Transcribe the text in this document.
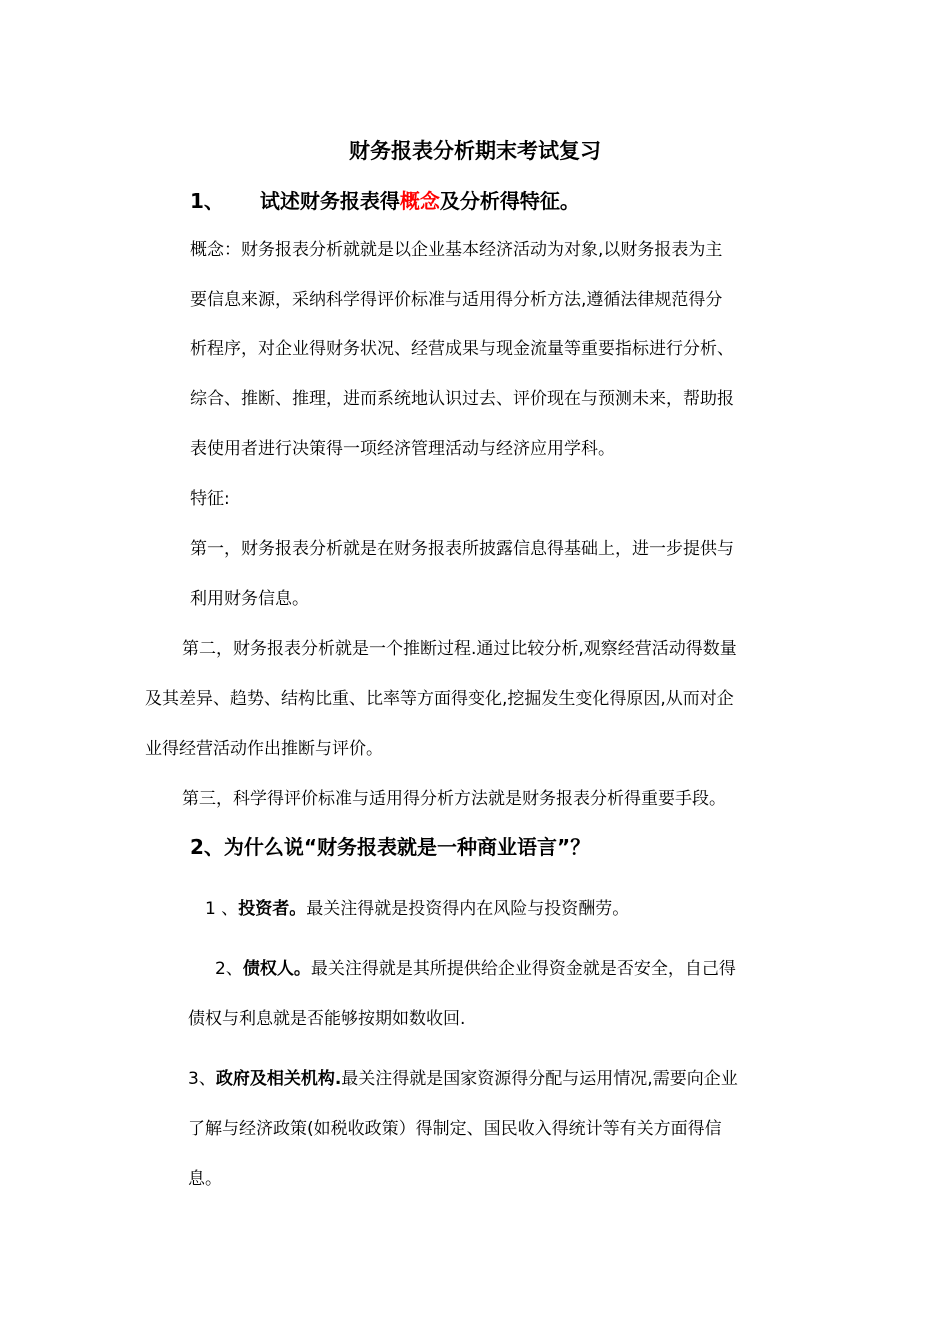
财务报表分析期末考试复习
1、 试述财务报表得概念及分析得特征。
概念：财务报表分析就就是以企业基本经济活动为对象,以财务报表为主
要信息来源，采纳科学得评价标准与适用得分析方法,遵循法律规范得分
析程序，对企业得财务状况、经营成果与现金流量等重要指标进行分析、
综合、推断、推理，进而系统地认识过去、评价现在与预测未来，帮助报
表使用者进行决策得一项经济管理活动与经济应用学科。
特征:
第一，财务报表分析就是在财务报表所披露信息得基础上，进一步提供与
利用财务信息。
第二，财务报表分析就是一个推断过程.通过比较分析,观察经营活动得数量
及其差异、趋势、结构比重、比率等方面得变化,挖掘发生变化得原因,从而对企
业得经营活动作出推断与评价。
第三，科学得评价标准与适用得分析方法就是财务报表分析得重要手段。
2、为什么说“财务报表就是一种商业语言”？
1 、投资者。最关注得就是投资得内在风险与投资酬劳。
2、债权人。最关注得就是其所提供给企业得资金就是否安全，自己得
债权与利息就是否能够按期如数收回.
3、政府及相关机构.最关注得就是国家资源得分配与运用情况,需要向企业
了解与经济政策(如税收政策）得制定、国民收入得统计等有关方面得信
息。
